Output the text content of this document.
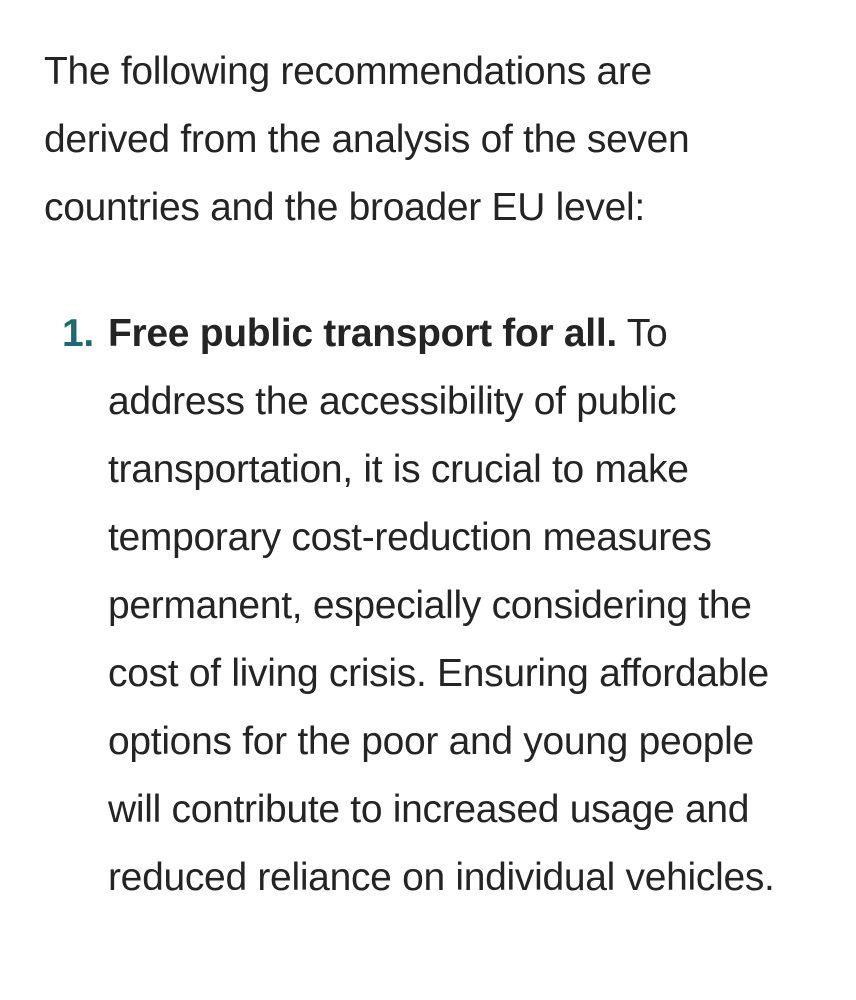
The following recommendations are derived from the analysis of the seven countries and the broader EU level:

1. Free public transport for all. To address the accessibility of public transportation, it is crucial to make temporary cost-reduction measures permanent, especially considering the cost of living crisis. Ensuring affordable options for the poor and young people will contribute to increased usage and reduced reliance on individual vehicles.
